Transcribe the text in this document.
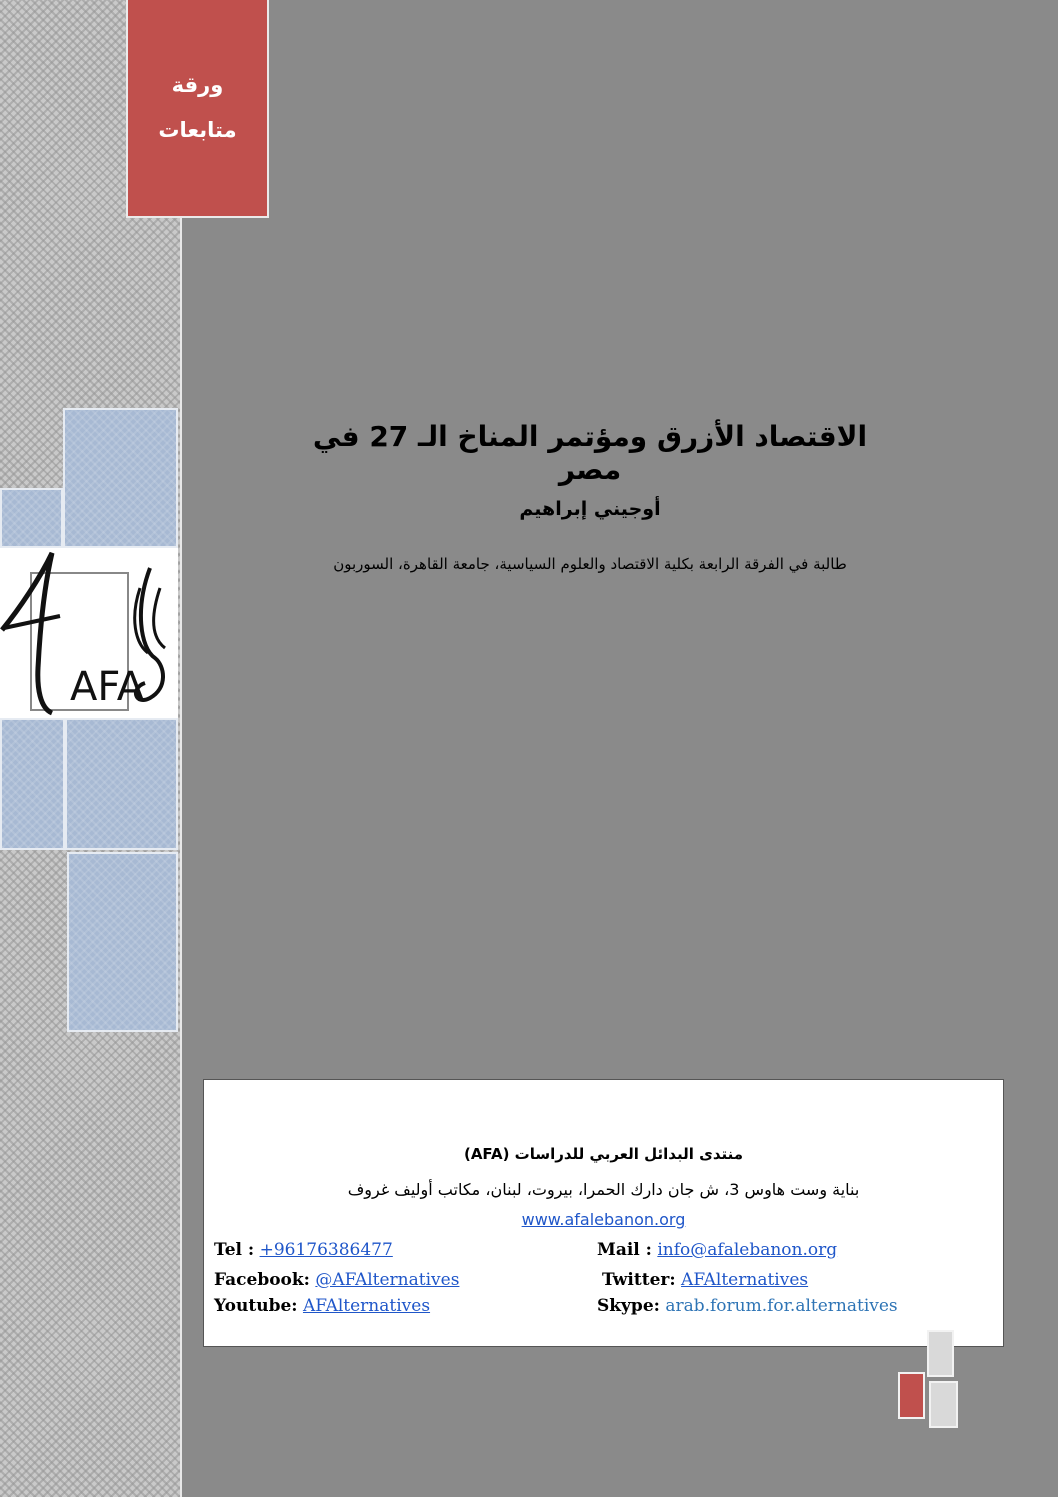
ورقة
متابعات
AFA
الاقتصاد الأزرق ومؤتمر المناخ الـ 27 في مصر
أوجيني إبراهيم
طالبة في الفرقة الرابعة بكلية الاقتصاد والعلوم السياسية، جامعة القاهرة، السوربون
منتدى البدائل العربي للدراسات (AFA)
بناية وست هاوس 3، ش جان دارك الحمرا، بيروت، لبنان، مكاتب أوليف غروف
www.afalebanon.org
Tel : +96176386477	Mail : info@afalebanon.org
Facebook: @AFAlternatives	Twitter: AFAlternatives
Youtube: AFAlternatives	Skype: arab.forum.for.alternatives
